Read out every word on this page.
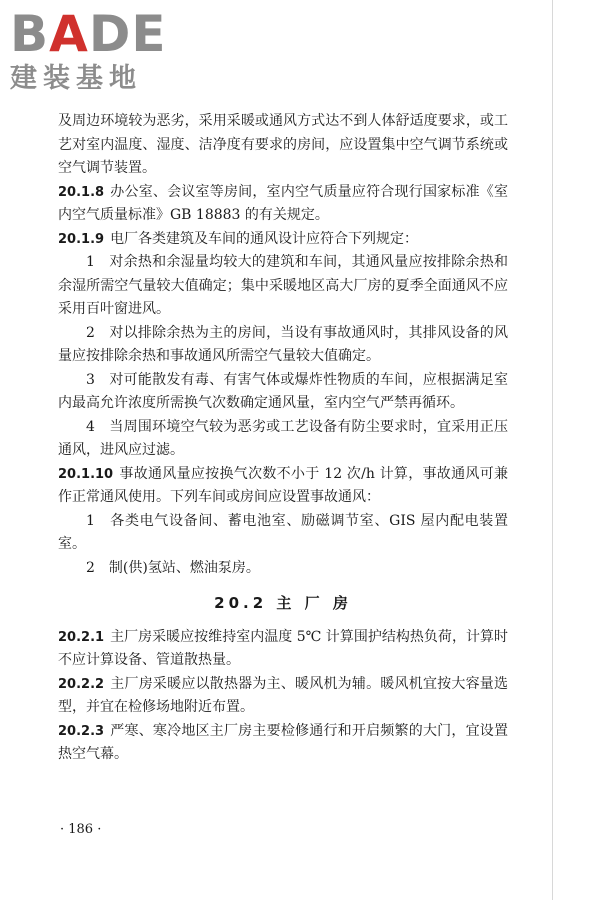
BADE
建装基地

及周边环境较为恶劣，采用采暖或通风方式达不到人体舒适度要求，或工艺对室内温度、湿度、洁净度有要求的房间，应设置集中空气调节系统或空气调节装置。

20.1.8 办公室、会议室等房间，室内空气质量应符合现行国家标准《室内空气质量标准》GB 18883 的有关规定。

20.1.9 电厂各类建筑及车间的通风设计应符合下列规定：

1　对余热和余湿量均较大的建筑和车间，其通风量应按排除余热和余湿所需空气量较大值确定；集中采暖地区高大厂房的夏季全面通风不应采用百叶窗进风。

2　对以排除余热为主的房间，当设有事故通风时，其排风设备的风量应按排除余热和事故通风所需空气量较大值确定。

3　对可能散发有毒、有害气体或爆炸性物质的车间，应根据满足室内最高允许浓度所需换气次数确定通风量，室内空气严禁再循环。

4　当周围环境空气较为恶劣或工艺设备有防尘要求时，宜采用正压通风，进风应过滤。

20.1.10 事故通风量应按换气次数不小于 12 次/h 计算，事故通风可兼作正常通风使用。下列车间或房间应设置事故通风：

1　各类电气设备间、蓄电池室、励磁调节室、GIS 屋内配电装置室。

2　制(供)氢站、燃油泵房。

20.2 主 厂 房

20.2.1 主厂房采暖应按维持室内温度 5℃ 计算围护结构热负荷，计算时不应计算设备、管道散热量。

20.2.2 主厂房采暖应以散热器为主、暖风机为辅。暖风机宜按大容量选型，并宜在检修场地附近布置。

20.2.3 严寒、寒冷地区主厂房主要检修通行和开启频繁的大门，宜设置热空气幕。

· 186 ·
